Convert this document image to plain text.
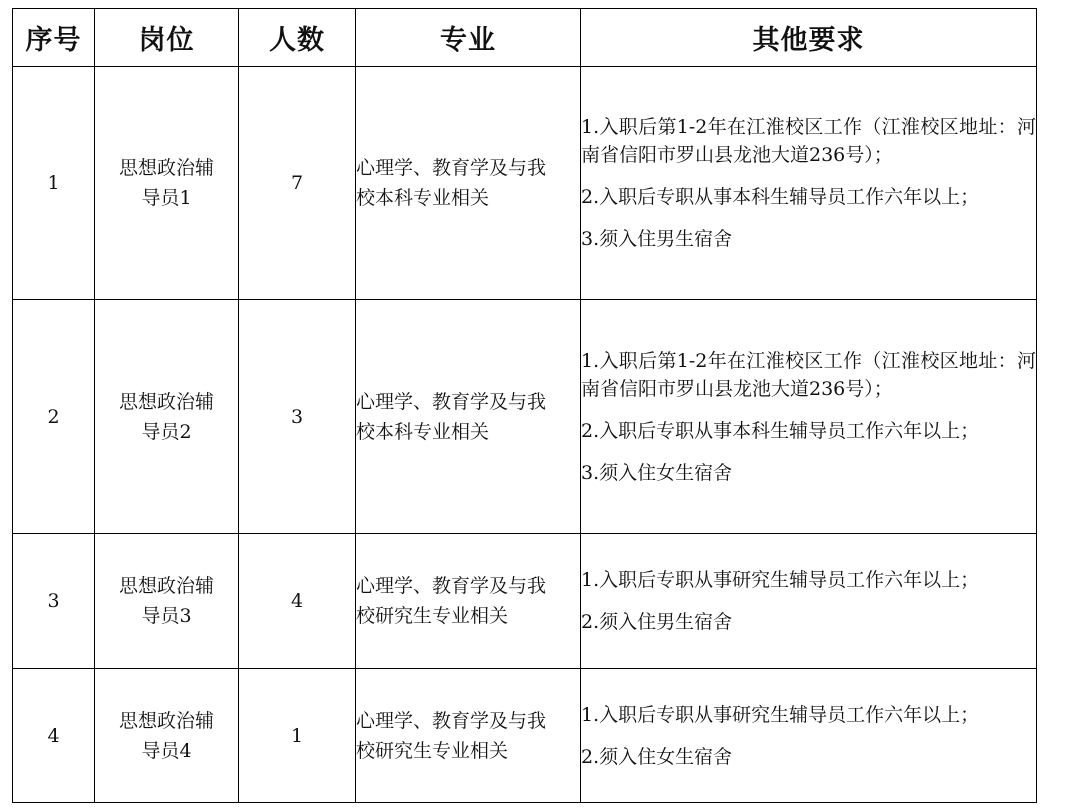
序号	岗位	人数	专业	其他要求
1	思想政治辅导员1	7	心理学、教育学及与我校本科专业相关	1.入职后第1-2年在江淮校区工作（江淮校区地址：河南省信阳市罗山县龙池大道236号）；

2.入职后专职从事本科生辅导员工作六年以上；

3.须入住男生宿舍

2	思想政治辅导员2	3	心理学、教育学及与我校本科专业相关	1.入职后第1-2年在江淮校区工作（江淮校区地址：河南省信阳市罗山县龙池大道236号）；

2.入职后专职从事本科生辅导员工作六年以上；

3.须入住女生宿舍

3	思想政治辅导员3	4	心理学、教育学及与我校研究生专业相关	1.入职后专职从事研究生辅导员工作六年以上；

2.须入住男生宿舍

4	思想政治辅导员4	1	心理学、教育学及与我校研究生专业相关	1.入职后专职从事研究生辅导员工作六年以上；

2.须入住女生宿舍
